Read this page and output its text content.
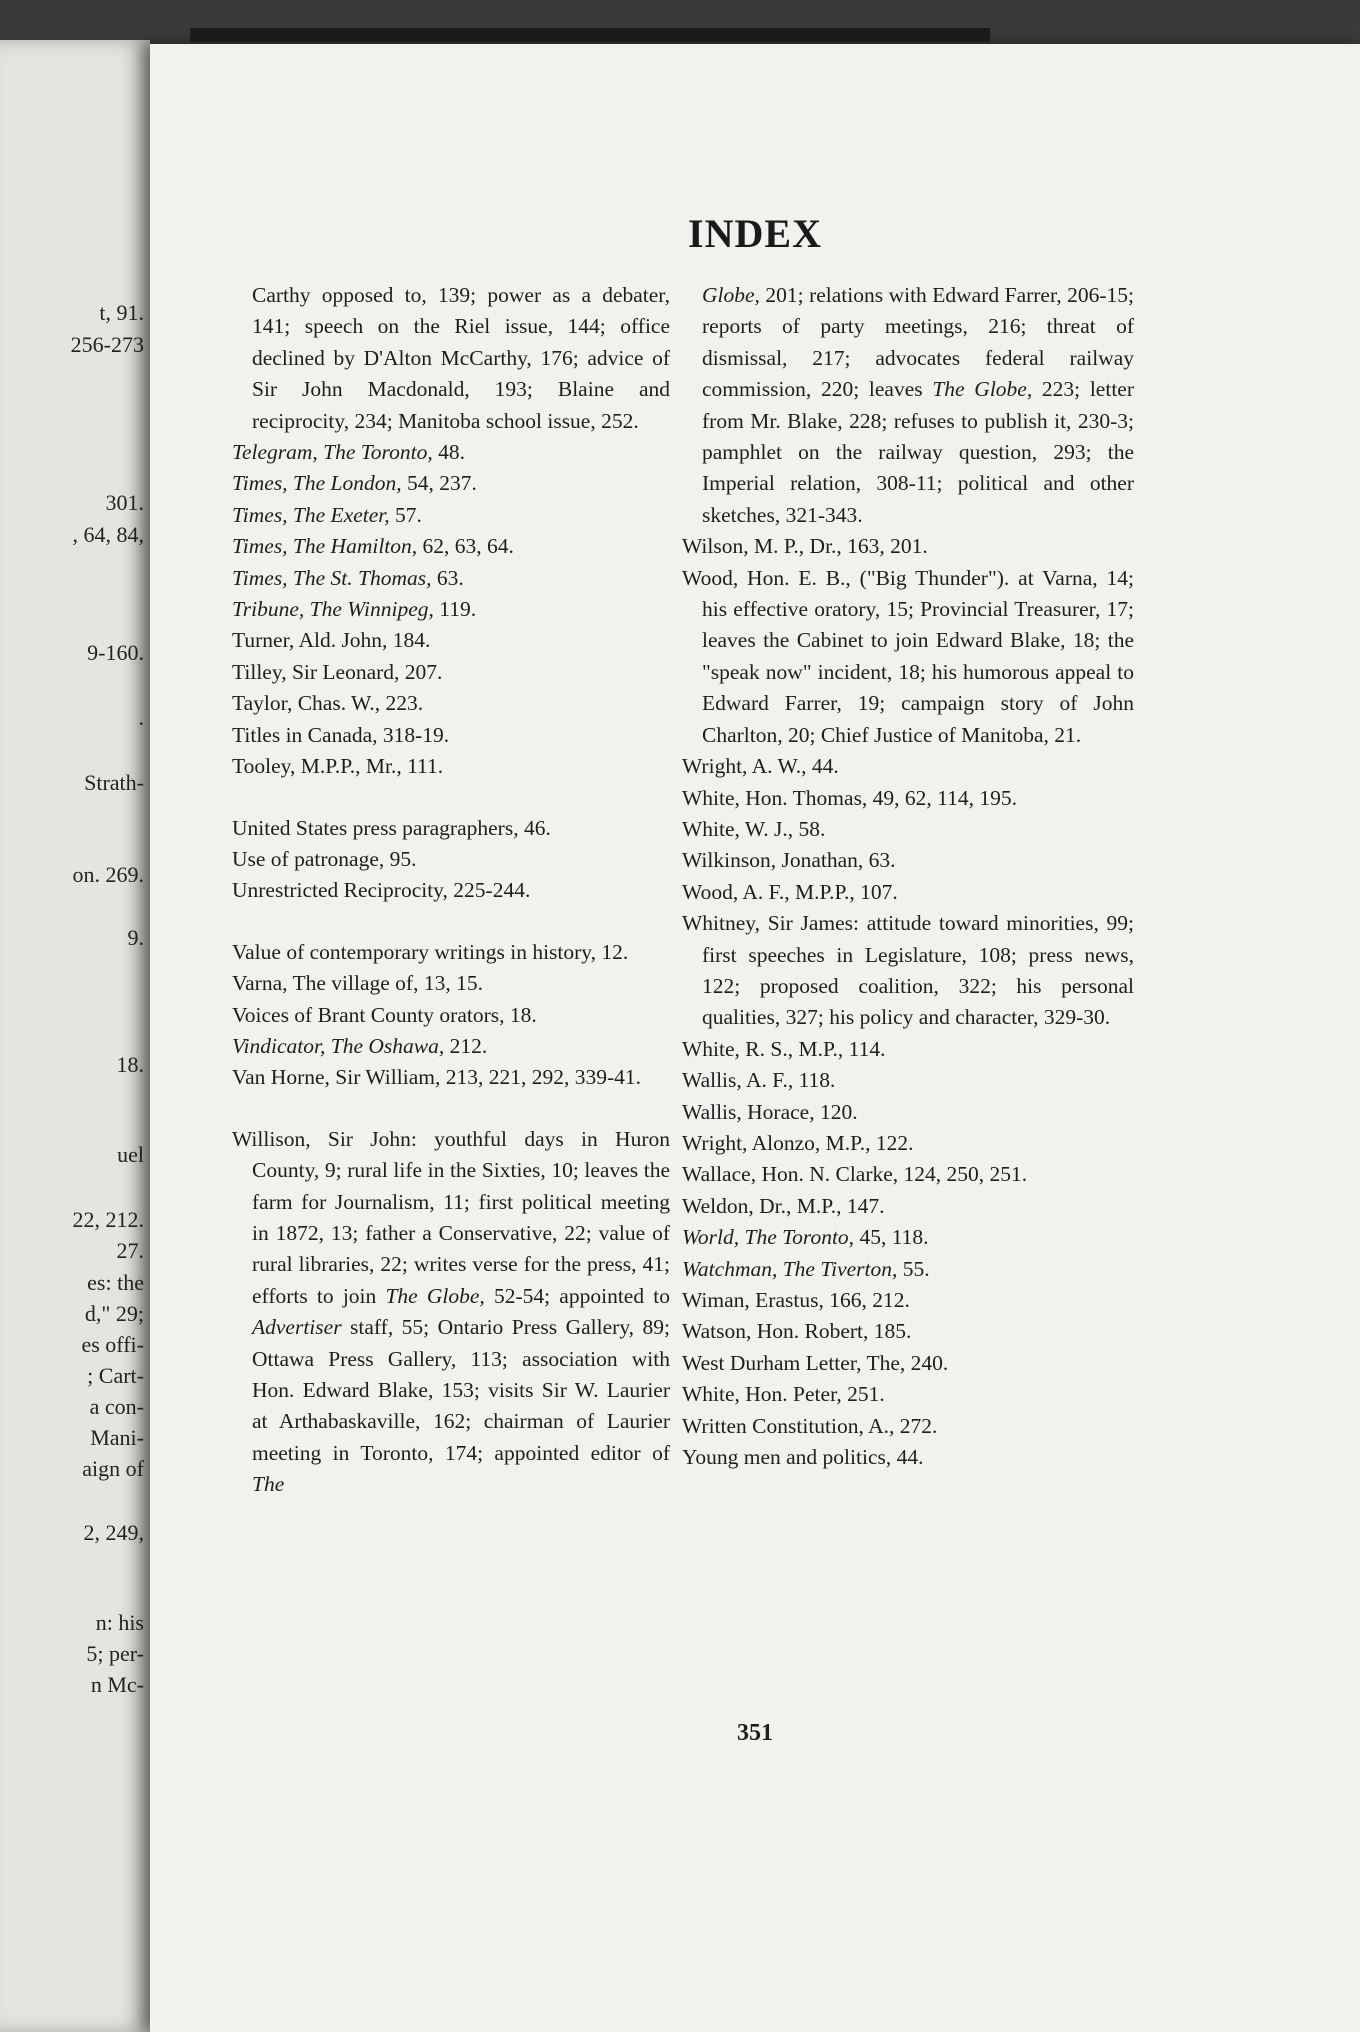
t, 91.
256-273
301.
, 64, 84,
9-160.
.
Strath-
on. 269.
9.
18.
uel
22, 212.
27.
es: the
d," 29;
es offi-
; Cart-
a con-
Mani-
aign of
2, 249,
n: his
5; per-
n Mc-
INDEX
Carthy opposed to, 139; power as a debater, 141; speech on the Riel issue, 144; office declined by D'Alton McCarthy, 176; advice of Sir John Macdonald, 193; Blaine and reciprocity, 234; Manitoba school issue, 252.
Telegram, The Toronto, 48.
Times, The London, 54, 237.
Times, The Exeter, 57.
Times, The Hamilton, 62, 63, 64.
Times, The St. Thomas, 63.
Tribune, The Winnipeg, 119.
Turner, Ald. John, 184.
Tilley, Sir Leonard, 207.
Taylor, Chas. W., 223.
Titles in Canada, 318-19.
Tooley, M.P.P., Mr., 111.
United States press paragraphers, 46.
Use of patronage, 95.
Unrestricted Reciprocity, 225-244.
Value of contemporary writings in history, 12.
Varna, The village of, 13, 15.
Voices of Brant County orators, 18.
Vindicator, The Oshawa, 212.
Van Horne, Sir William, 213, 221, 292, 339-41.
Willison, Sir John: youthful days in Huron County, 9; rural life in the Sixties, 10; leaves the farm for Journalism, 11; first political meeting in 1872, 13; father a Conservative, 22; value of rural libraries, 22; writes verse for the press, 41; efforts to join The Globe, 52-54; appointed to Advertiser staff, 55; Ontario Press Gallery, 89; Ottawa Press Gallery, 113; association with Hon. Edward Blake, 153; visits Sir W. Laurier at Arthabaskaville, 162; chairman of Laurier meeting in Toronto, 174; appointed editor of The
Globe, 201; relations with Edward Farrer, 206-15; reports of party meetings, 216; threat of dismissal, 217; advocates federal railway commission, 220; leaves The Globe, 223; letter from Mr. Blake, 228; refuses to publish it, 230-3; pamphlet on the railway question, 293; the Imperial relation, 308-11; political and other sketches, 321-343.
Wilson, M. P., Dr., 163, 201.
Wood, Hon. E. B., ("Big Thunder"). at Varna, 14; his effective oratory, 15; Provincial Treasurer, 17; leaves the Cabinet to join Edward Blake, 18; the "speak now" incident, 18; his humorous appeal to Edward Farrer, 19; campaign story of John Charlton, 20; Chief Justice of Manitoba, 21.
Wright, A. W., 44.
White, Hon. Thomas, 49, 62, 114, 195.
White, W. J., 58.
Wilkinson, Jonathan, 63.
Wood, A. F., M.P.P., 107.
Whitney, Sir James: attitude toward minorities, 99; first speeches in Legislature, 108; press news, 122; proposed coalition, 322; his personal qualities, 327; his policy and character, 329-30.
White, R. S., M.P., 114.
Wallis, A. F., 118.
Wallis, Horace, 120.
Wright, Alonzo, M.P., 122.
Wallace, Hon. N. Clarke, 124, 250, 251.
Weldon, Dr., M.P., 147.
World, The Toronto, 45, 118.
Watchman, The Tiverton, 55.
Wiman, Erastus, 166, 212.
Watson, Hon. Robert, 185.
West Durham Letter, The, 240.
White, Hon. Peter, 251.
Written Constitution, A., 272.
Young men and politics, 44.
351
